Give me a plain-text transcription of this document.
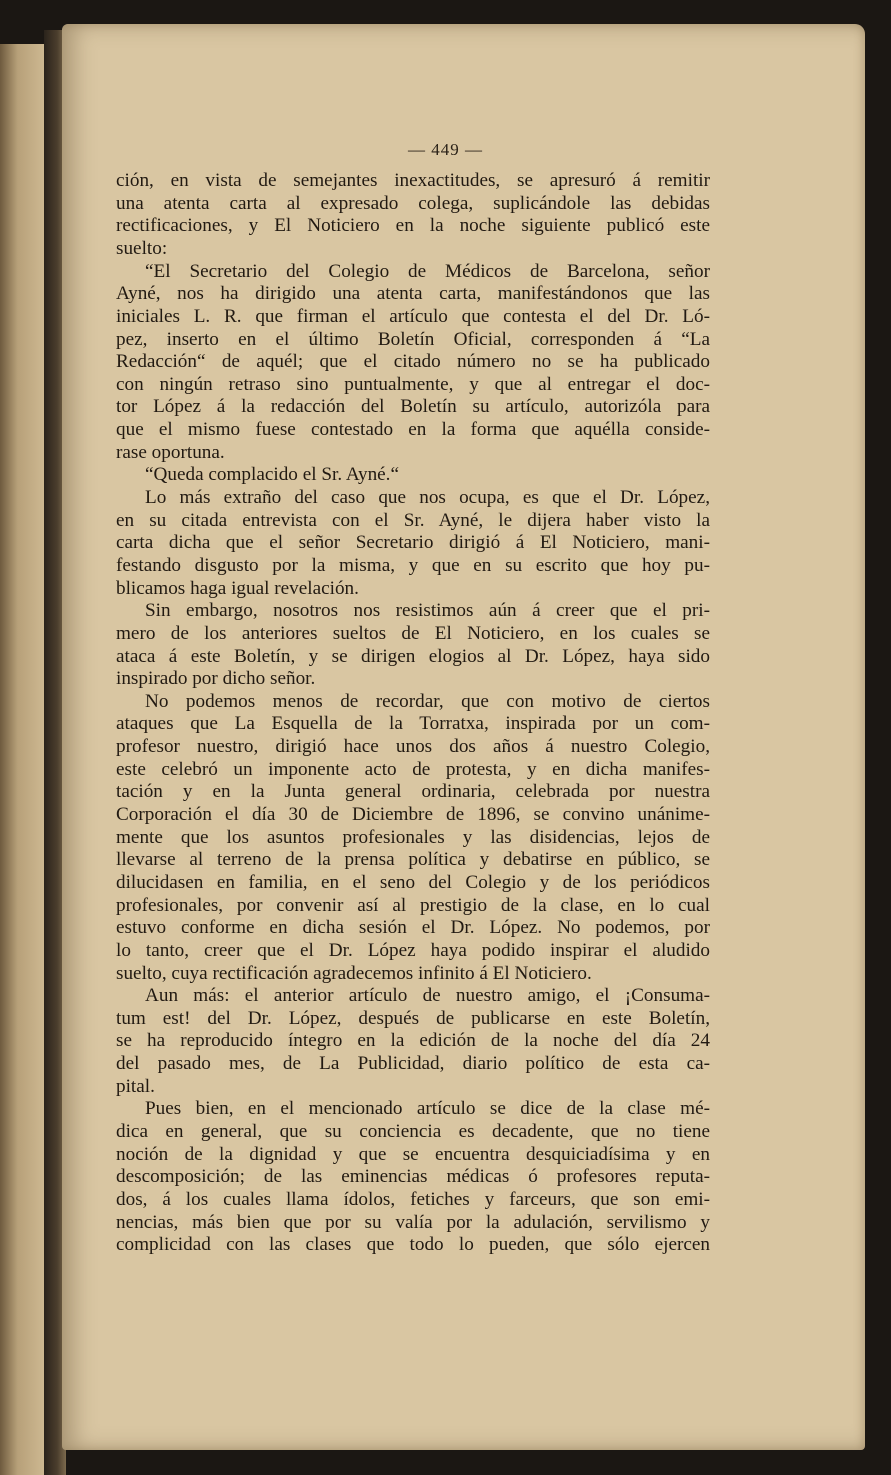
— 449 —
ción, en vista de semejantes inexactitudes, se apresuró á remitir
una atenta carta al expresado colega, suplicándole las debidas
rectificaciones, y El Noticiero en la noche siguiente publicó este
suelto:
“El Secretario del Colegio de Médicos de Barcelona, señor
Ayné, nos ha dirigido una atenta carta, manifestándonos que las
iniciales L. R. que firman el artículo que contesta el del Dr. Ló-
pez, inserto en el último Boletín Oficial, corresponden á “La
Redacción“ de aquél; que el citado número no se ha publicado
con ningún retraso sino puntualmente, y que al entregar el doc-
tor López á la redacción del Boletín su artículo, autorizóla para
que el mismo fuese contestado en la forma que aquélla conside-
rase oportuna.
“Queda complacido el Sr. Ayné.“
Lo más extraño del caso que nos ocupa, es que el Dr. López,
en su citada entrevista con el Sr. Ayné, le dijera haber visto la
carta dicha que el señor Secretario dirigió á El Noticiero, mani-
festando disgusto por la misma, y que en su escrito que hoy pu-
blicamos haga igual revelación.
Sin embargo, nosotros nos resistimos aún á creer que el pri-
mero de los anteriores sueltos de El Noticiero, en los cuales se
ataca á este Boletín, y se dirigen elogios al Dr. López, haya sido
inspirado por dicho señor.
No podemos menos de recordar, que con motivo de ciertos
ataques que La Esquella de la Torratxa, inspirada por un com-
profesor nuestro, dirigió hace unos dos años á nuestro Colegio,
este celebró un imponente acto de protesta, y en dicha manifes-
tación y en la Junta general ordinaria, celebrada por nuestra
Corporación el día 30 de Diciembre de 1896, se convino unánime-
mente que los asuntos profesionales y las disidencias, lejos de
llevarse al terreno de la prensa política y debatirse en público, se
dilucidasen en familia, en el seno del Colegio y de los periódicos
profesionales, por convenir así al prestigio de la clase, en lo cual
estuvo conforme en dicha sesión el Dr. López. No podemos, por
lo tanto, creer que el Dr. López haya podido inspirar el aludido
suelto, cuya rectificación agradecemos infinito á El Noticiero.
Aun más: el anterior artículo de nuestro amigo, el ¡Consuma-
tum est! del Dr. López, después de publicarse en este Boletín,
se ha reproducido íntegro en la edición de la noche del día 24
del pasado mes, de La Publicidad, diario político de esta ca-
pital.
Pues bien, en el mencionado artículo se dice de la clase mé-
dica en general, que su conciencia es decadente, que no tiene
noción de la dignidad y que se encuentra desquiciadísima y en
descomposición; de las eminencias médicas ó profesores reputa-
dos, á los cuales llama ídolos, fetiches y farceurs, que son emi-
nencias, más bien que por su valía por la adulación, servilismo y
complicidad con las clases que todo lo pueden, que sólo ejercen
